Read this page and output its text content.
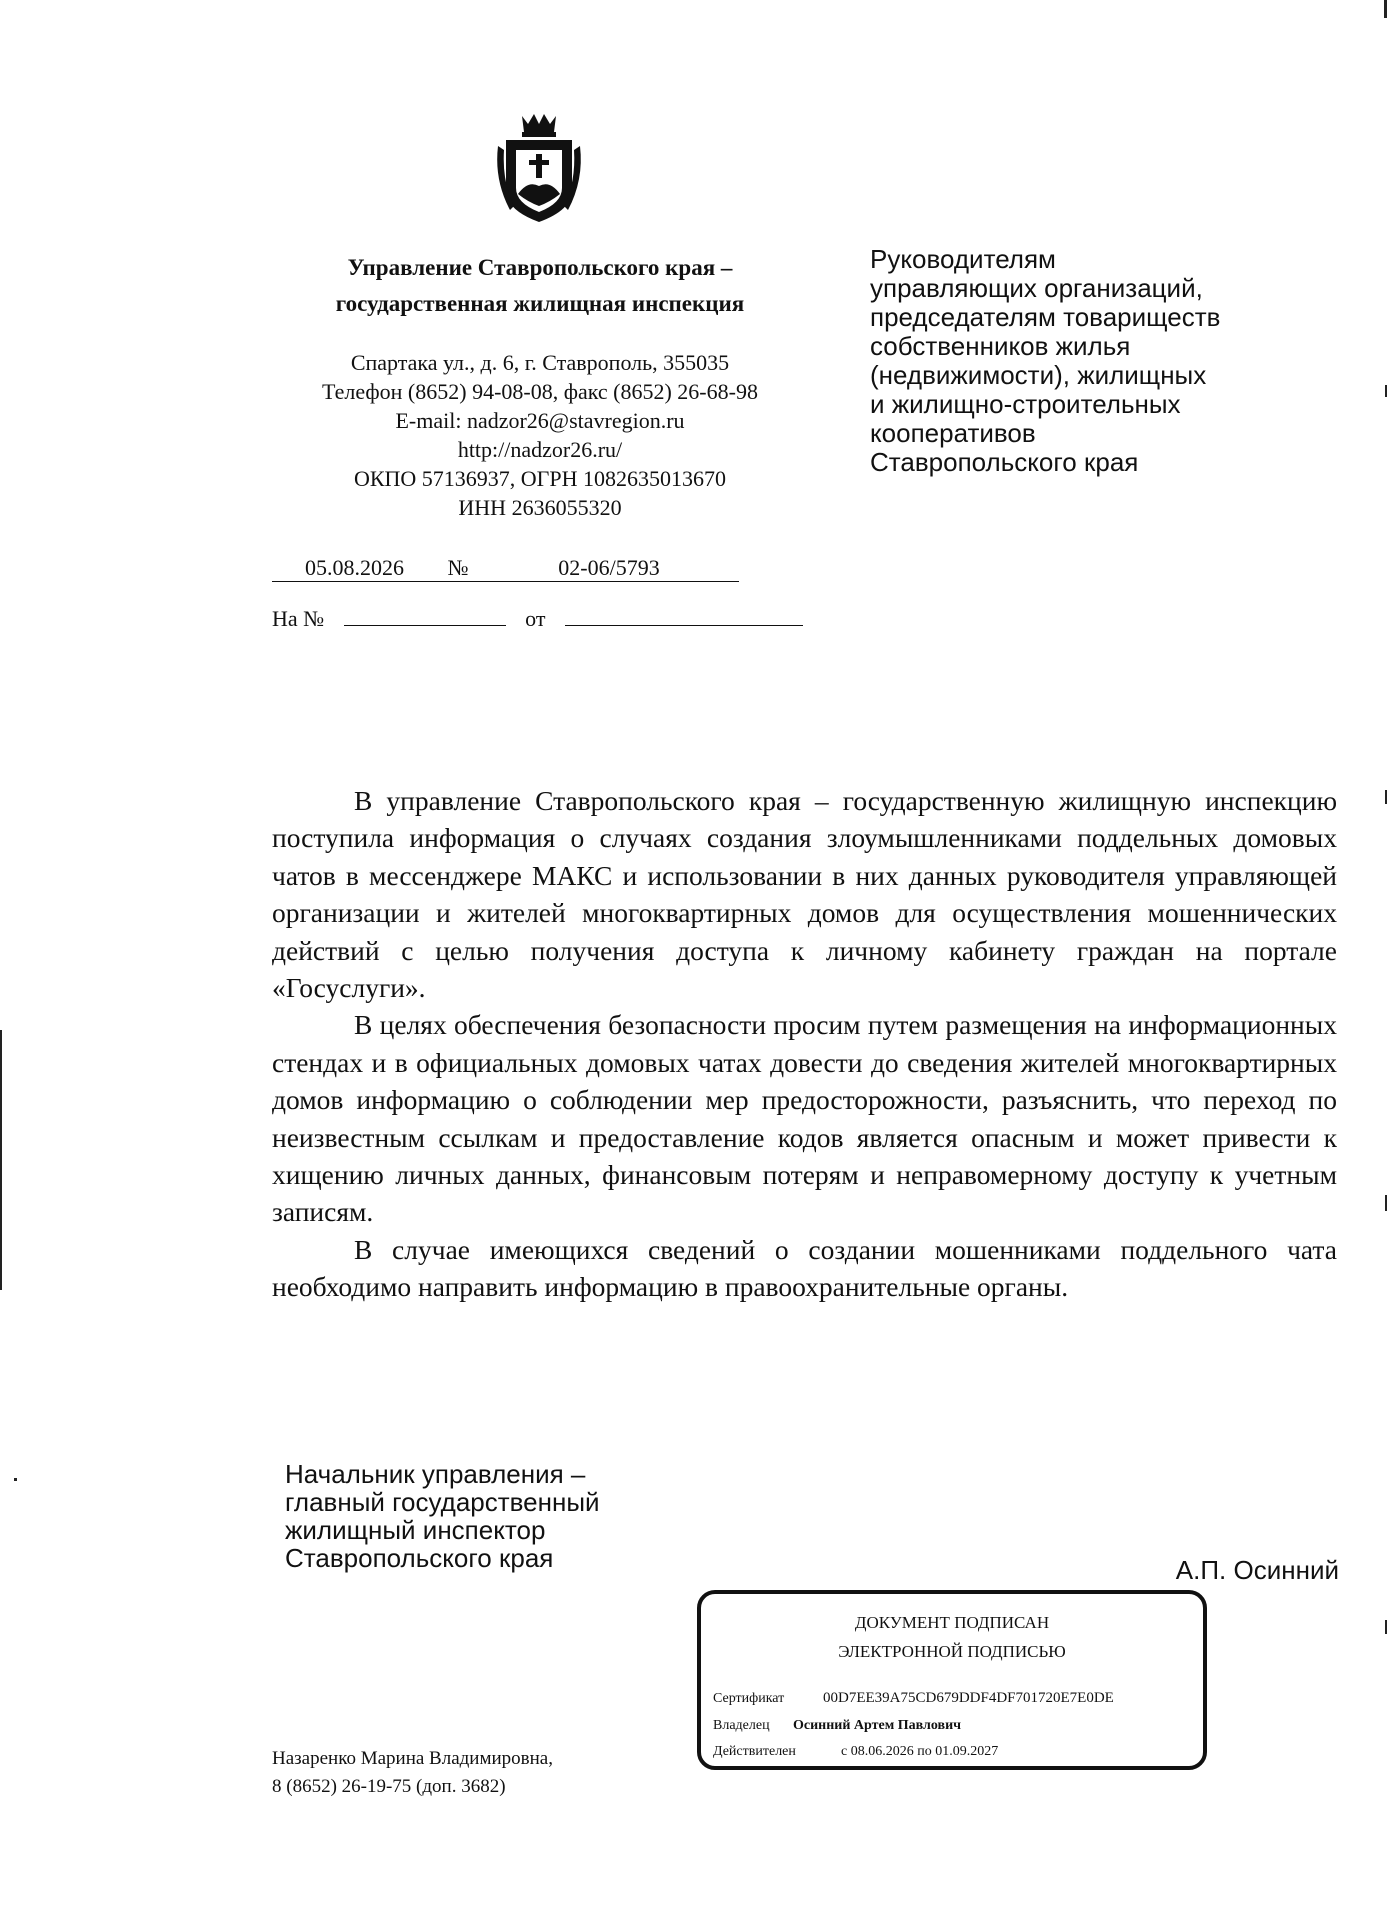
Управление Ставропольского края –
государственная жилищная инспекция
Спартака ул., д. 6, г. Ставрополь, 355035
Телефон (8652) 94-08-08, факс (8652) 26-68-98
E-mail: nadzor26@stavregion.ru
http://nadzor26.ru/
ОКПО 57136937, ОГРН 1082635013670
ИНН 2636055320
05.08.2026 №	02-06/5793
На №	от
Руководителям
управляющих организаций,
председателям товариществ
собственников жилья
(недвижимости), жилищных
и жилищно-строительных
кооперативов
Ставропольского края

В управление Ставропольского края – государственную жилищную инспекцию поступила информация о случаях создания злоумышленниками поддельных домовых чатов в мессенджере МАКС и использовании в них данных руководителя управляющей организации и жителей многоквартирных домов для осуществления мошеннических действий с целью получения доступа к личному кабинету граждан на портале «Госуслуги».

В целях обеспечения безопасности просим путем размещения на информационных стендах и в официальных домовых чатах довести до сведения жителей многоквартирных домов информацию о соблюдении мер предосторожности, разъяснить, что переход по неизвестным ссылкам и предоставление кодов является опасным и может привести к хищению личных данных, финансовым потерям и неправомерному доступу к учетным записям.

В случае имеющихся сведений о создании мошенниками поддельного чата необходимо направить информацию в правоохранительные органы.

Начальник управления –
главный государственный
жилищный инспектор
Ставропольского края	А.П. Осинний
ДОКУМЕНТ ПОДПИСАН
ЭЛЕКТРОННОЙ ПОДПИСЬЮ
Сертификат	00D7EE39A75CD679DDF4DF701720E7E0DE
Владелец Осинний Артем Павлович
Действителен	с 08.06.2026 по 01.09.2027
Назаренко Марина Владимировна,
8 (8652) 26-19-75 (доп. 3682)
